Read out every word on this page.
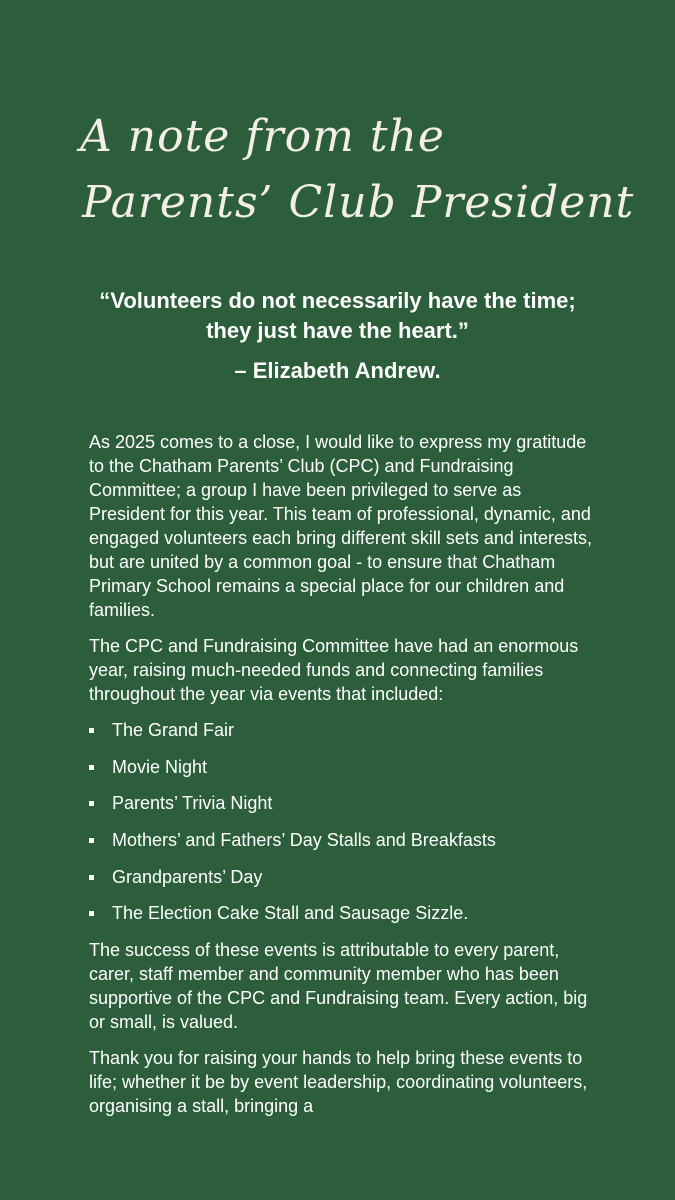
A note from the
Parents’ Club President
“Volunteers do not necessarily have the time;
they just have the heart.”
– Elizabeth Andrew.

As 2025 comes to a close, I would like to express my gratitude to the Chatham Parents’ Club (CPC) and Fundraising Committee; a group I have been privileged to serve as President for this year. This team of professional, dynamic, and engaged volunteers each bring different skill sets and interests, but are united by a common goal - to ensure that Chatham Primary School remains a special place for our children and families.

The CPC and Fundraising Committee have had an enormous year, raising much-needed funds and connecting families throughout the year via events that included:

The Grand Fair
Movie Night
Parents’ Trivia Night
Mothers’ and Fathers’ Day Stalls and Breakfasts
Grandparents’ Day
The Election Cake Stall and Sausage Sizzle.

The success of these events is attributable to every parent, carer, staff member and community member who has been supportive of the CPC and Fundraising team. Every action, big or small, is valued.

Thank you for raising your hands to help bring these events to life; whether it be by event leadership, coordinating volunteers, organising a stall, bringing a
